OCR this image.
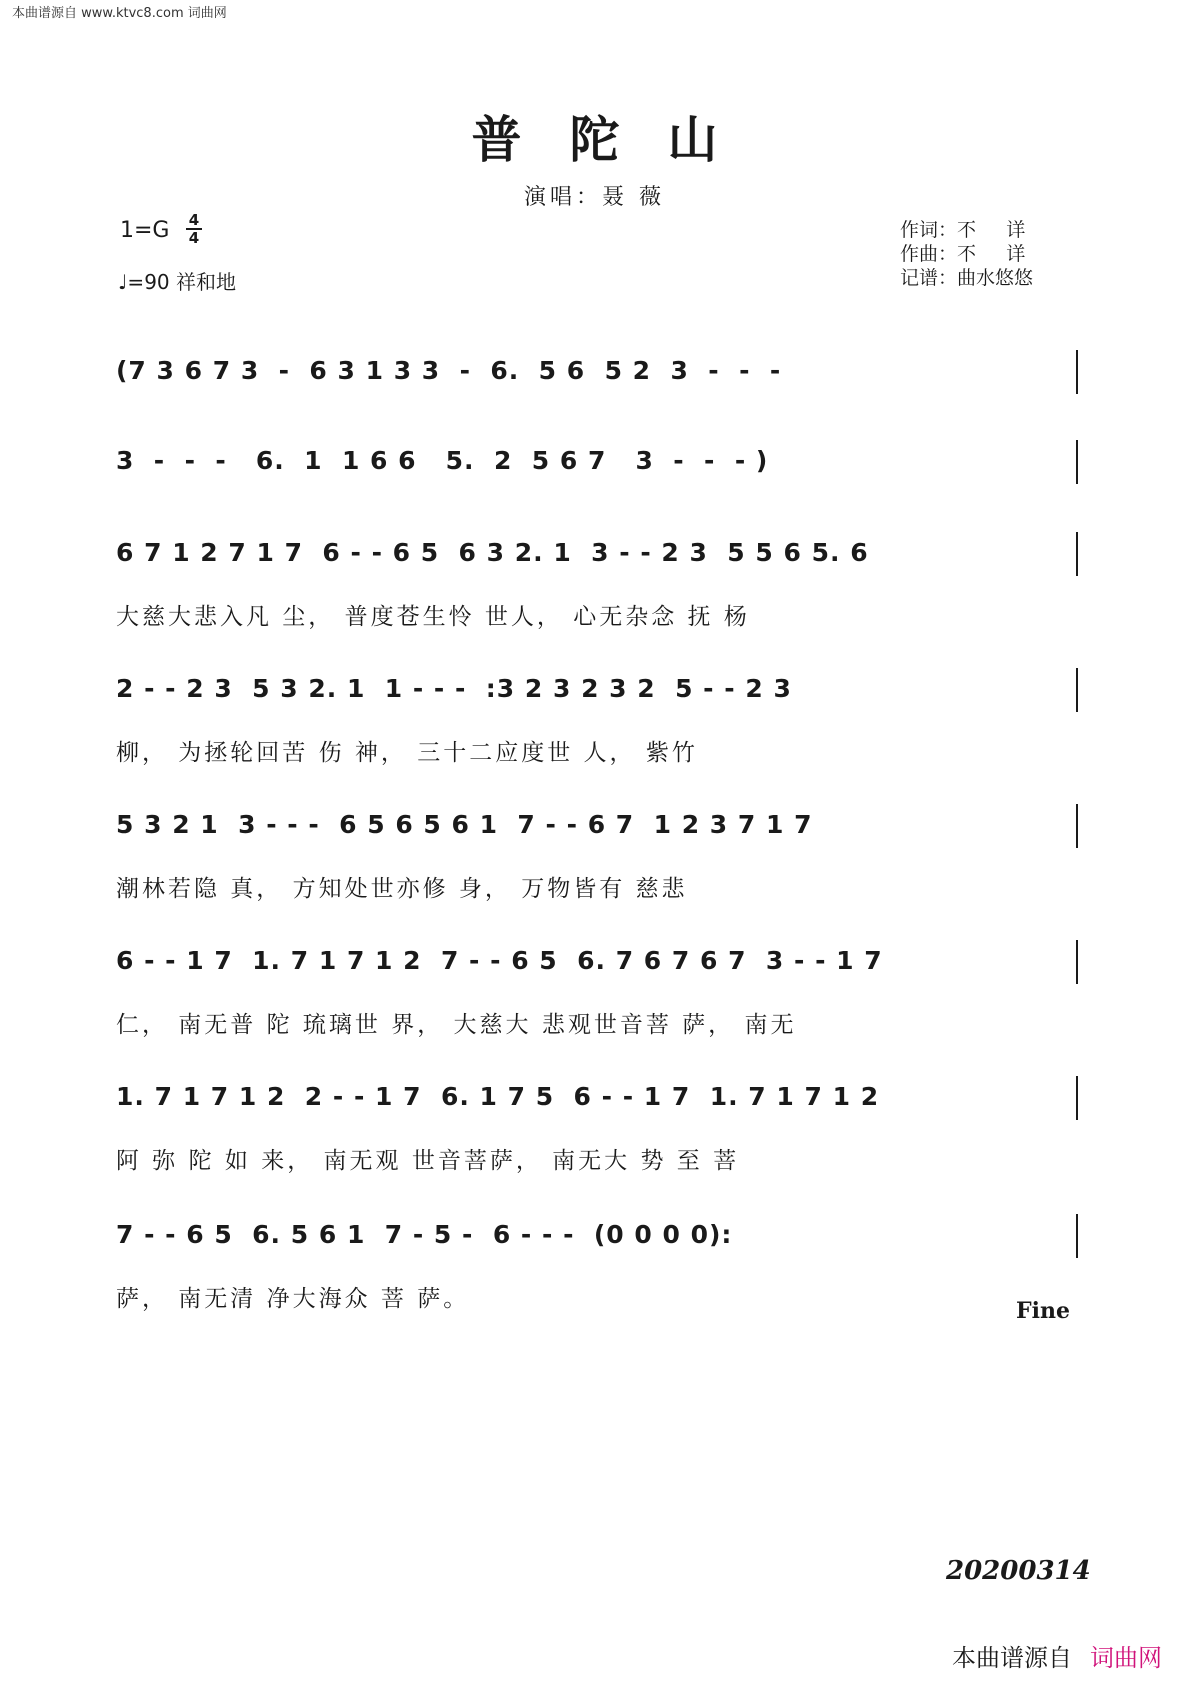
本曲谱源自 www.ktvc8.com 词曲网
普陀山
演唱：聂 薇
1=G 4
4
♩=90 祥和地
作词：不     详
作曲：不     详
记谱：曲水悠悠
(7 3 6 7 3  -  6 3 1 3 3  -  6.  5 6  5 2  3  -  -  -
3  -  -  -   6.  1  1 6 6   5.  2  5 6 7   3  -  -  - )
6 7 1 2 7 1 7  6 - - 6 5  6 3 2. 1  3 - - 2 3  5 5 6 5. 6
大慈大悲入凡 尘， 普度苍生怜 世人， 心无杂念 抚 杨
2 - - 2 3  5 3 2. 1  1 - - -  :3 2 3 2 3 2  5 - - 2 3
柳， 为拯轮回苦 伤 神， 三十二应度世 人， 紫竹
5 3 2 1  3 - - -  6 5 6 5 6 1  7 - - 6 7  1 2 3 7 1 7
潮林若隐 真， 方知处世亦修 身， 万物皆有 慈悲
6 - - 1 7  1. 7 1 7 1 2  7 - - 6 5  6. 7 6 7 6 7  3 - - 1 7
仁， 南无普 陀 琉璃世 界， 大慈大 悲观世音菩 萨， 南无
1. 7 1 7 1 2  2 - - 1 7  6. 1 7 5  6 - - 1 7  1. 7 1 7 1 2
阿 弥 陀 如 来， 南无观 世音菩萨， 南无大 势 至 菩
7 - - 6 5  6. 5 6 1  7 - 5 -  6 - - -  (0 0 0 0):
萨， 南无清 净大海众 菩 萨。	Fine
20200314
本曲谱源自 词曲网
